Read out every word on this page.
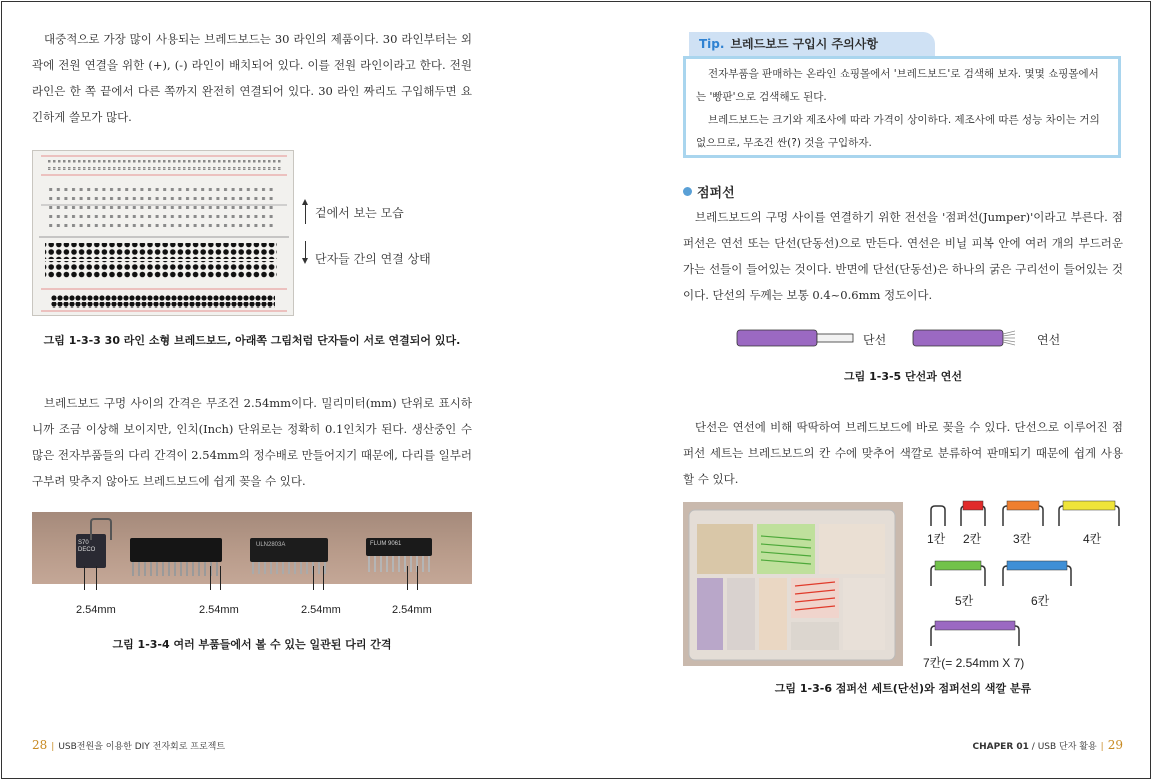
대중적으로 가장 많이 사용되는 브레드보드는 30 라인의 제품이다. 30 라인부터는 외곽에 전원 연결을 위한 (+), (-) 라인이 배치되어 있다. 이를 전원 라인이라고 한다. 전원 라인은 한 쪽 끝에서 다른 쪽까지 완전히 연결되어 있다. 30 라인 짜리도 구입해두면 요긴하게 쓸모가 많다.

겉에서 보는 모습
단자들 간의 연결 상태
그림 1-3-3 30 라인 소형 브레드보드, 아래쪽 그림처럼 단자들이 서로 연결되어 있다.

브레드보드 구멍 사이의 간격은 무조건 2.54mm이다. 밀리미터(mm) 단위로 표시하니까 조금 이상해 보이지만, 인치(Inch) 단위로는 정확히 0.1인치가 된다. 생산중인 수많은 전자부품들의 다리 간격이 2.54mm의 정수배로 만들어지기 때문에, 다리를 일부러 구부려 맞추지 않아도 브레드보드에 쉽게 꽂을 수 있다.

S70 DECO
ULN2803A	FLUM 9061
2.54mm	2.54mm	2.54mm	2.54mm
그림 1-3-4 여러 부품들에서 볼 수 있는 일관된 다리 간격
28 | USB전원을 이용한 DIY 전자회로 프로젝트
Tip. 브레드보드 구입시 주의사항

전자부품을 판매하는 온라인 쇼핑몰에서 '브레드보드'로 검색해 보자. 몇몇 쇼핑몰에서는 '빵판'으로 검색해도 된다.

브레드보드는 크기와 제조사에 따라 가격이 상이하다. 제조사에 따른 성능 차이는 거의 없으므로, 무조건 싼(?) 것을 구입하자.

점퍼선

브레드보드의 구멍 사이를 연결하기 위한 전선을 '점퍼선(Jumper)'이라고 부른다. 점퍼선은 연선 또는 단선(단동선)으로 만든다. 연선은 비닐 피복 안에 여러 개의 부드러운 가는 선들이 들어있는 것이다. 반면에 단선(단동선)은 하나의 굵은 구리선이 들어있는 것이다. 단선의 두께는 보통 0.4~0.6mm 정도이다.

단선	연선
그림 1-3-5 단선과 연선

단선은 연선에 비해 딱딱하여 브레드보드에 바로 꽂을 수 있다. 단선으로 이루어진 점퍼선 세트는 브레드보드의 칸 수에 맞추어 색깔로 분류하여 판매되기 때문에 쉽게 사용할 수 있다.

1칸 2칸	3칸	4칸
5칸	6칸
7칸(= 2.54mm X 7)
그림 1-3-6 점퍼선 세트(단선)와 점퍼선의 색깔 분류
CHAPER 01 / USB 단자 활용 | 29
